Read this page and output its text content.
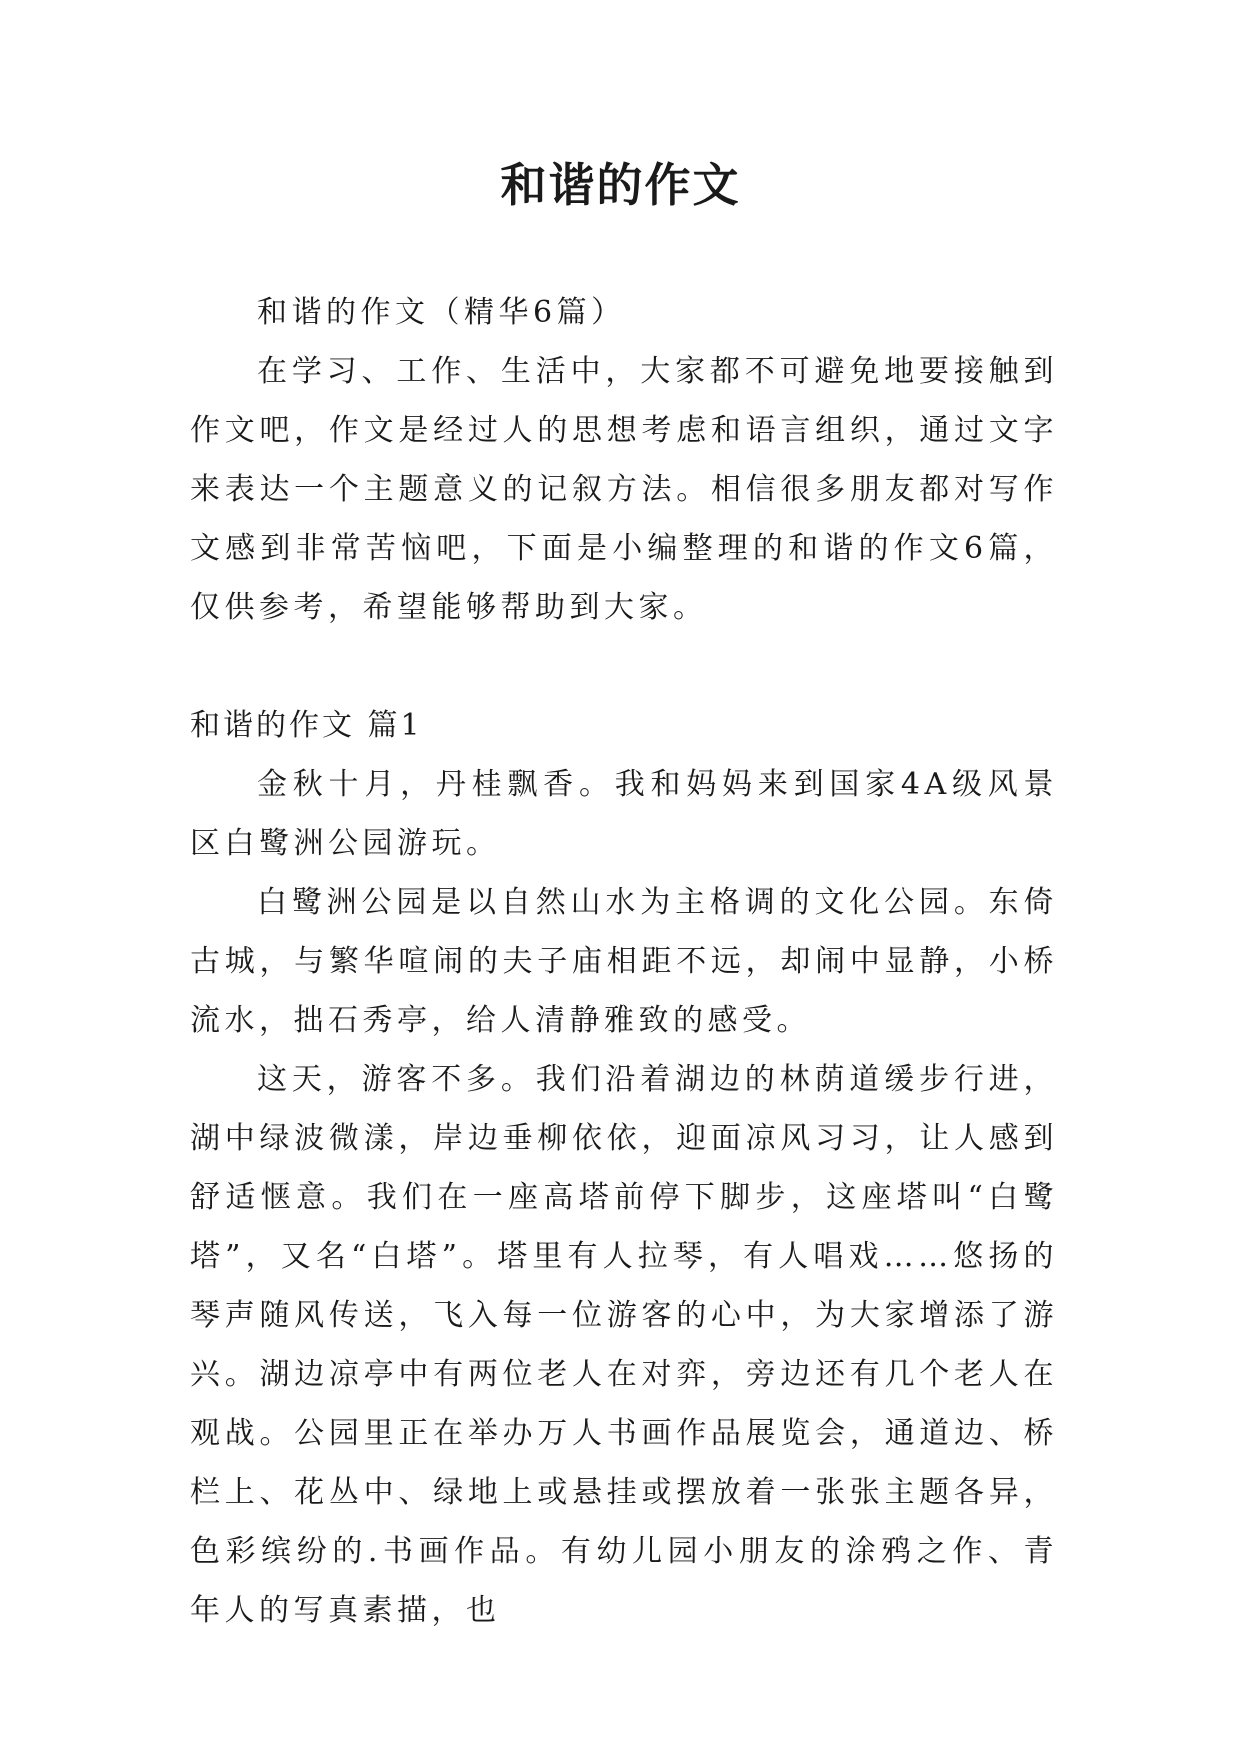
和谐的作文

和谐的作文（精华6篇）

在学习、工作、生活中，大家都不可避免地要接触到作文吧，作文是经过人的思想考虑和语言组织，通过文字来表达一个主题意义的记叙方法。相信很多朋友都对写作文感到非常苦恼吧，下面是小编整理的和谐的作文6篇，仅供参考，希望能够帮助到大家。

和谐的作文 篇1

金秋十月，丹桂飘香。我和妈妈来到国家4A级风景区白鹭洲公园游玩。

白鹭洲公园是以自然山水为主格调的文化公园。东倚古城，与繁华喧闹的夫子庙相距不远，却闹中显静，小桥流水，拙石秀亭，给人清静雅致的感受。

这天，游客不多。我们沿着湖边的林荫道缓步行进，湖中绿波微漾，岸边垂柳依依，迎面凉风习习，让人感到舒适惬意。我们在一座高塔前停下脚步，这座塔叫“白鹭塔”，又名“白塔”。塔里有人拉琴，有人唱戏……悠扬的琴声随风传送，飞入每一位游客的心中，为大家增添了游兴。湖边凉亭中有两位老人在对弈，旁边还有几个老人在观战。公园里正在举办万人书画作品展览会，通道边、桥栏上、花丛中、绿地上或悬挂或摆放着一张张主题各异，色彩缤纷的.书画作品。有幼儿园小朋友的涂鸦之作、青年人的写真素描，也
